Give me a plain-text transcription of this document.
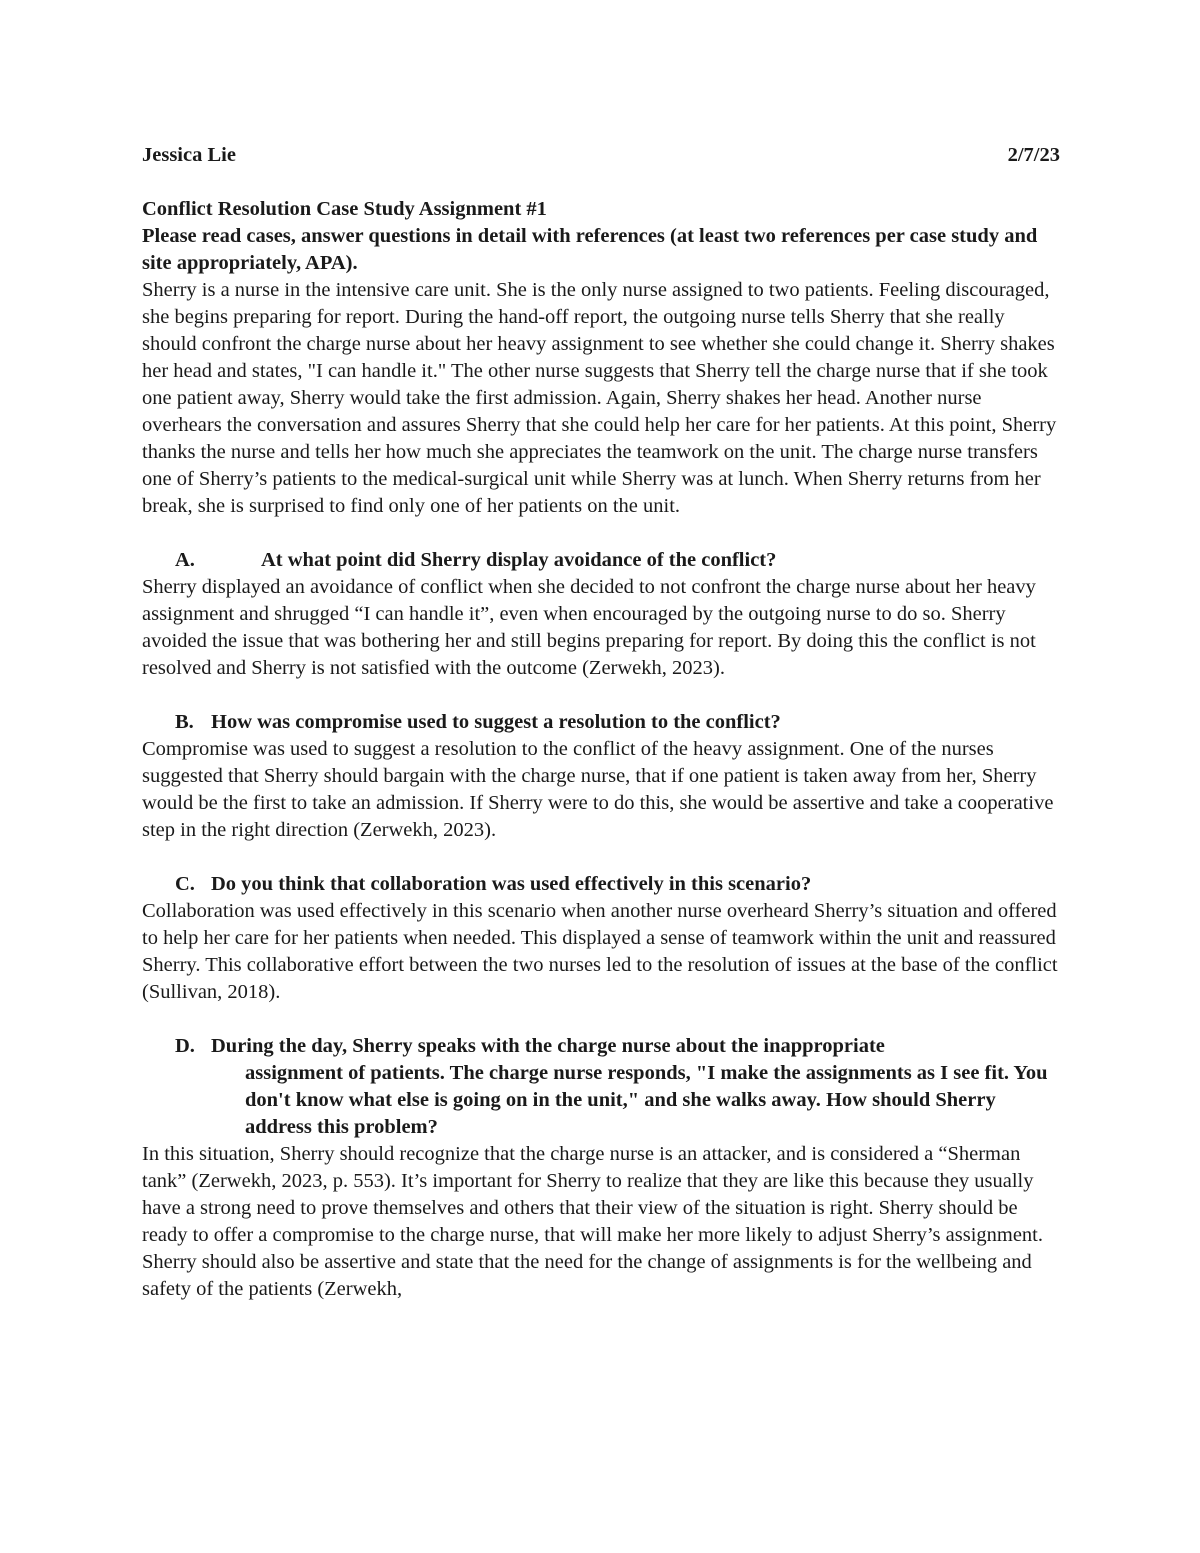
Jessica Lie	2/7/23

Conflict Resolution Case Study Assignment #1

Please read cases, answer questions in detail with references (at least two references per case study and site appropriately, APA).

Sherry is a nurse in the intensive care unit. She is the only nurse assigned to two patients. Feeling discouraged, she begins preparing for report. During the hand-off report, the outgoing nurse tells Sherry that she really should confront the charge nurse about her heavy assignment to see whether she could change it. Sherry shakes her head and states, "I can handle it." The other nurse suggests that Sherry tell the charge nurse that if she took one patient away, Sherry would take the first admission. Again, Sherry shakes her head. Another nurse overhears the conversation and assures Sherry that she could help her care for her patients. At this point, Sherry thanks the nurse and tells her how much she appreciates the teamwork on the unit. The charge nurse transfers one of Sherry’s patients to the medical-surgical unit while Sherry was at lunch. When Sherry returns from her break, she is surprised to find only one of her patients on the unit.

A.	At what point did Sherry display avoidance of the conflict?

Sherry displayed an avoidance of conflict when she decided to not confront the charge nurse about her heavy assignment and shrugged “I can handle it”, even when encouraged by the outgoing nurse to do so. Sherry avoided the issue that was bothering her and still begins preparing for report. By doing this the conflict is not resolved and Sherry is not satisfied with the outcome (Zerwekh, 2023).

B. How was compromise used to suggest a resolution to the conflict?

Compromise was used to suggest a resolution to the conflict of the heavy assignment. One of the nurses suggested that Sherry should bargain with the charge nurse, that if one patient is taken away from her, Sherry would be the first to take an admission. If Sherry were to do this, she would be assertive and take a cooperative step in the right direction (Zerwekh, 2023).

C. Do you think that collaboration was used effectively in this scenario?

Collaboration was used effectively in this scenario when another nurse overheard Sherry’s situation and offered to help her care for her patients when needed. This displayed a sense of teamwork within the unit and reassured Sherry. This collaborative effort between the two nurses led to the resolution of issues at the base of the conflict (Sullivan, 2018).

D. During the day, Sherry speaks with the charge nurse about the inappropriate
assignment of patients. The charge nurse responds, "I make the assignments as I see fit. You don't know what else is going on in the unit," and she walks away. How should Sherry address this problem?

In this situation, Sherry should recognize that the charge nurse is an attacker, and is considered a “Sherman tank” (Zerwekh, 2023, p. 553). It’s important for Sherry to realize that they are like this because they usually have a strong need to prove themselves and others that their view of the situation is right. Sherry should be ready to offer a compromise to the charge nurse, that will make her more likely to adjust Sherry’s assignment. Sherry should also be assertive and state that the need for the change of assignments is for the wellbeing and safety of the patients (Zerwekh,
